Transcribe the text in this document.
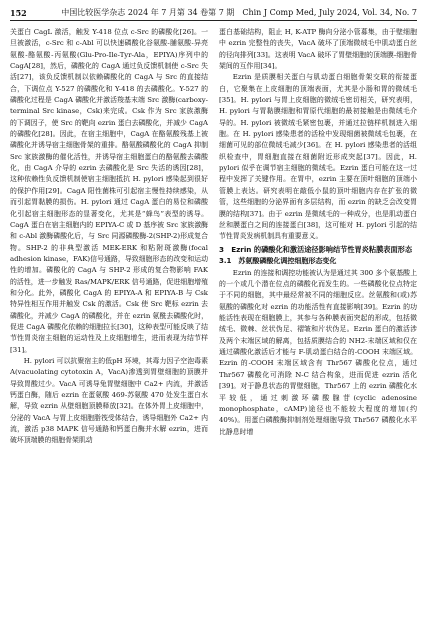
152	中国比较医学杂志 2024 年 7 月第 34 卷第 7 期　Chin J Comp Med, July 2024, Vol. 34, No. 7

关蛋白 CagL 激活，触发 Y-418 位点 c-Src 的磷酸化[26]。一旦被激活，c-Src 和 c-Abl 可以快速磷酸化谷氨酸-脯氨酸-异亮氨酸-酪氨酸-丙氨酸(Glu-Pro-Ile-Tyr-Ala，EPIYA)序列中的 CagA[28]，然后，磷酸化的 CagA 通过负反馈机制使 c-Src 失活[27]，该负反馈机制以依赖磷酸化的 CagA 与 Src 的直接结合，下调位点 Y-527 的磷酸化和 Y-418 的去磷酸化。Y-527 的磷酸化过程是 CagA 磷酸化并激活羧基末端 Src 激酶(carboxy-terminal Src kinase，Csk)来完成。Csk 作为 Src 家族激酶的下调因子，使 Src 的靶向 ezrin 蛋白去磷酸化，并减少 CagA 的磷酸化[28]。因此，在宿主细胞中，CagA 在酪氨酸残基上被磷酸化并诱导宿主细胞骨架的重排。酪氨酸磷酸化的 CagA 抑制 Src 家族激酶的催化活性，并诱导宿主细胞蛋白的酪氨酸去磷酸化，由 CagA 介导的 ezrin 去磷酸化是 Src 失活的诱因[28]，这种依赖性负反馈机制使宿主细胞抵抗 H. pylori 感染起到很好的保护作用[29]。CagA 阳性菌株可引起宿主慢性持续感染，从而引起胃黏膜的损伤。H. pylori 通过 CagA 蛋白的易位和磷酸化引起宿主细胞形态的显著变化，尤其是“蜂鸟”表型的诱导。CagA 蛋白在宿主细胞内的 EPIYA-C 或 D 基序被 Src 家族激酶和 c-Abl 激酶磷酸化后，与 Src 同源磷酸酶-2(SHP-2)形成复合物。SHP-2 的非典型激活 MEK-ERK 和粘附斑激酶(focal adhesion kinase，FAK)信号通路，导致细胞形态的改变和运动性的增加。磷酸化的 CagA 与 SHP-2 形成的复合物影响 FAK 的活性，进一步触发 Ras/MAPK/ERK 信号通路，促进细胞增殖和分化。此外，磷酸化 CagA 的 EPIYA-A 和 EPIYA-B 与 Csk 特异性相互作用并触发 Csk 的激活。Csk 使 Src 靶标 ezrin 去磷酸化，并减少 CagA 的磷酸化，并在 ezrin 氨酰去磷酸化时，促进 CagA 磷酸化依赖的细胞拉长[30]，这种表型可能反映了结节性胃炎宿主细胞的运动性及上皮细胞增生，进而表现为结节样[31]。

H. pylori 可以抗聚宿主的低pH 环境，其毒力因子空泡毒素 A(vacuolating cytotoxin A，VacA)渗透到胃壁细胞的顶膜并导致胃酸过少。VacA 可诱导兔胃壁细胞中 Ca2+ 内流，并激活钙蛋白酶，随后 ezrin 在蛋氨酸 469-苏氨酸 470 处发生蛋白水解，导致 ezrin 从壁细胞顶膜释放[32]。在体外胃上皮细胞中，分泌的 VacA 与胃上皮细胞脂筏受体结合，诱导细胞外 Ca2+ 内流，激活 p38 MAPK 信号通路和钙蛋白酶并水解 ezrin，进而破坏顶端膜的细胞骨架肌动

蛋白基础结构，阻止 H, K-ATP 酶向分泌小管募集，由于壁细胞中 ezrin 完整性的丧失，VacA 破坏了顶端微绒毛中肌动蛋白丝的径向排列[33]。这表明 VacA 破坏了胃壁细胞的顶端膜-细胞骨架间的互作用[34]。

Ezrin 是质膜相关蛋白与肌动蛋白细胞骨架交联的衔接蛋白，它聚集在上皮细胞的顶端表面，尤其是小肠和胃的微绒毛[35]。H. pylori 与胃上皮细胞的微绒毛密切相关，研究表明，H. pylori 与胃黏膜细胞和胃原代细胞的最初接触是由微绒毛介导的。H. pylori 被微绒毛紧密包裹，并通过拉链样机制进入细胞。在 H. pylori 感染患者的活检中发现细菌被微绒毛包裹，在细菌可见的部位微绒毛减少[36]。在 H. pylori 感染患者的活组织检查中，胃细胞直接在细菌附近形成突起[37]。因此，H. pylori 似乎在调节宿主细胞的微绒毛。Ezrin 蛋白可能在这一过程中发挥了关键作用。在胃中，ezrin 主要在顶叶细胞的顶端小管膜上表达。研究表明在敲低小鼠的顶叶细胞内存在扩张的微管，这些细胞的分泌界面有多层结构，而 ezrin 的缺乏会改变胃膜的结构[37]。由于 ezrin 是微绒毛的一种成分，也是肌动蛋白丝和膜蛋白之间的连接蛋白[38]，这可能对 H. pylori 引起的结节性胃炎发病机制具有重要意义。

3　Ezrin 的磷酸化和激活途径影响结节性胃炎粘膜表面形态
3.1　苏氨酸磷酸化调控细胞形态变化

Ezrin 的连接和调控功能被认为是通过其 300 多个氨基酸上的一个或几个潜在位点的磷酸化而发生的。一些磷酸化位点特定于不同的细胞，其中最经常被不同的细胞反应。丝氨酸和(或)苏氨酸的磷酸化对 ezrin 的功能活性有直接影响[39]。Ezrin 的功能活性表现在细胞膜上，其参与各种膜表面突起的形成，包括微绒毛、微棘、丝状伪足、褶皱和片状伪足。Ezrin 蛋白的激活涉及两个末端区域的解离，包括质膜结合的 NH2-末端区域和仅在通过磷酸化激活后才能与 F-肌动蛋白结合的-COOH 末端区域。Ezrin 的-COOH 末端区域含有 Thr567 磷酸化位点，通过 Thr567 磷酸化可消除 N-C 结合构象，进而促进 ezrin 活化[39]。对于静息状态的胃壁细胞，Thr567 上的 ezrin 磷酸化水平较低，通过刺激环磷酸腺苷(cyclic adenosine monophosphate，cAMP)途径也不能较大程度的增加(约 40%)。用蛋白磷酸酶抑制剂处理细胞导致 Thr567 磷酸化水平比静息时增
